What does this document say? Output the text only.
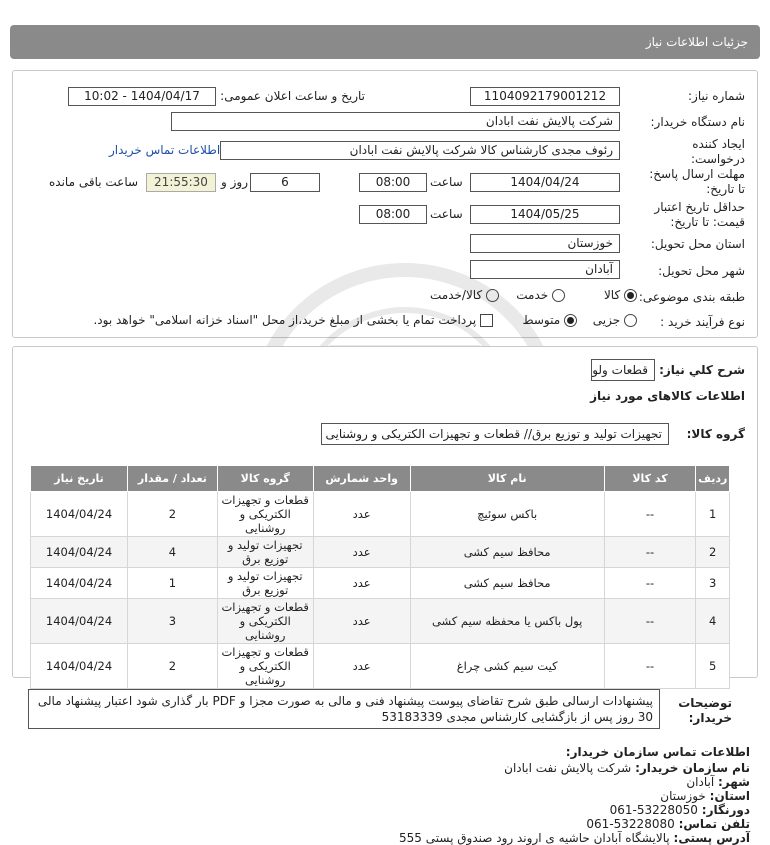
جزئیات اطلاعات نیاز
شماره نیاز:
1104092179001212
تاریخ و ساعت اعلان عمومی:
1404/04/17 - 10:02
نام دستگاه خریدار:
شرکت پالایش نفت ابادان
ایجاد کننده
درخواست:
رئوف مجدی کارشناس کالا شرکت پالایش نفت ابادان
اطلاعات تماس خریدار
مهلت ارسال پاسخ:
تا تاریخ:
1404/04/24
ساعت
08:00
6
روز و
21:55:30
ساعت باقی مانده
حداقل تاریخ اعتبار
قیمت: تا تاریخ:
1404/05/25
ساعت
08:00
استان محل تحویل:
خوزستان
شهر محل تحویل:
آبادان
طبقه بندی موضوعی:
کالا
خدمت
کالا/خدمت
نوع فرآیند خرید :
جزیی
متوسط
پرداخت تمام یا بخشی از مبلغ خرید،از محل "اسناد خزانه اسلامی" خواهد بود.
شرح کلي نياز:
قطعات ولو
اطلاعات کالاهای مورد نیاز
گروه کالا:
تجهیزات تولید و توزیع برق// قطعات و تجهیزات الکتریکی و روشنایی
ردیف	کد کالا	نام کالا	واحد شمارش	گروه کالا	تعداد / مقدار	تاریخ نیاز
1	--	باکس سوئیچ	عدد	قطعات و تجهیزات الکتریکی و روشنایی	2	1404/04/24
2	--	محافظ سیم کشی	عدد	تجهیزات تولید و توزیع برق	4	1404/04/24
3	--	محافظ سیم کشی	عدد	تجهیزات تولید و توزیع برق	1	1404/04/24
4	--	پول باکس یا محفظه سیم کشی	عدد	قطعات و تجهیزات الکتریکی و روشنایی	3	1404/04/24
5	--	کیت سیم کشی چراغ	عدد	قطعات و تجهیزات الکتریکی و روشنایی	2	1404/04/24
توضیحات
خریدار:
پیشنهادات ارسالی طبق شرح تقاضای پیوست پیشنهاد فنی و مالی به صورت مجزا و PDF بار گذاری شود اعتبار پیشنهاد مالی 30 روز پس از بازگشایی کارشناس مجدی 53183339
اطلاعات تماس سازمان خریدار:
نام سازمان خریدار: شرکت پالایش نفت ابادان
شهر: آبادان
استان: خوزستان
دورنگار: 53228050-061
تلفن تماس: 53228080-061
آدرس پستی: پالایشگاه آبادان حاشیه ی اروند رود صندوق پستی 555
